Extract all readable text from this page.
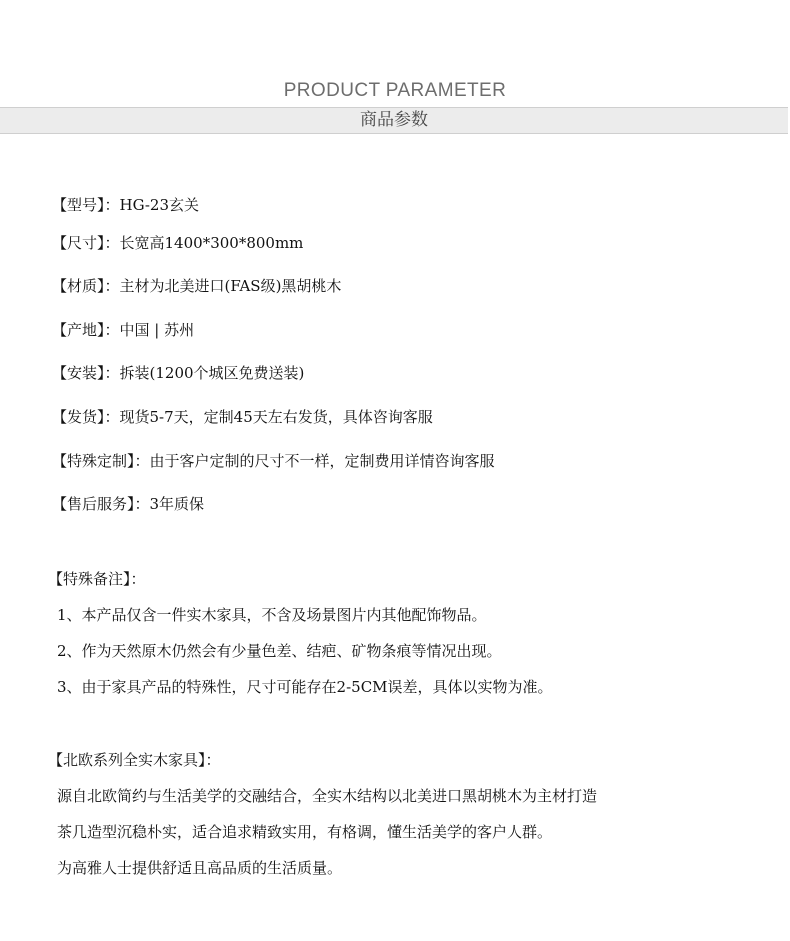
PRODUCT PARAMETER
商品参数
【型号】：HG-23玄关
【尺寸】：长宽高1400*300*800mm
【材质】：主材为北美进口(FAS级)黑胡桃木
【产地】：中国 | 苏州
【安装】：拆装(1200个城区免费送装)
【发货】：现货5-7天，定制45天左右发货，具体咨询客服
【特殊定制】：由于客户定制的尺寸不一样，定制费用详情咨询客服
【售后服务】：3年质保
【特殊备注】：
1、本产品仅含一件实木家具，不含及场景图片内其他配饰物品。
2、作为天然原木仍然会有少量色差、结疤、矿物条痕等情况出现。
3、由于家具产品的特殊性，尺寸可能存在2-5CM误差，具体以实物为准。
【北欧系列全实木家具】：
源自北欧简约与生活美学的交融结合，全实木结构以北美进口黑胡桃木为主材打造
茶几造型沉稳朴实，适合追求精致实用，有格调，懂生活美学的客户人群。
为高雅人士提供舒适且高品质的生活质量。
